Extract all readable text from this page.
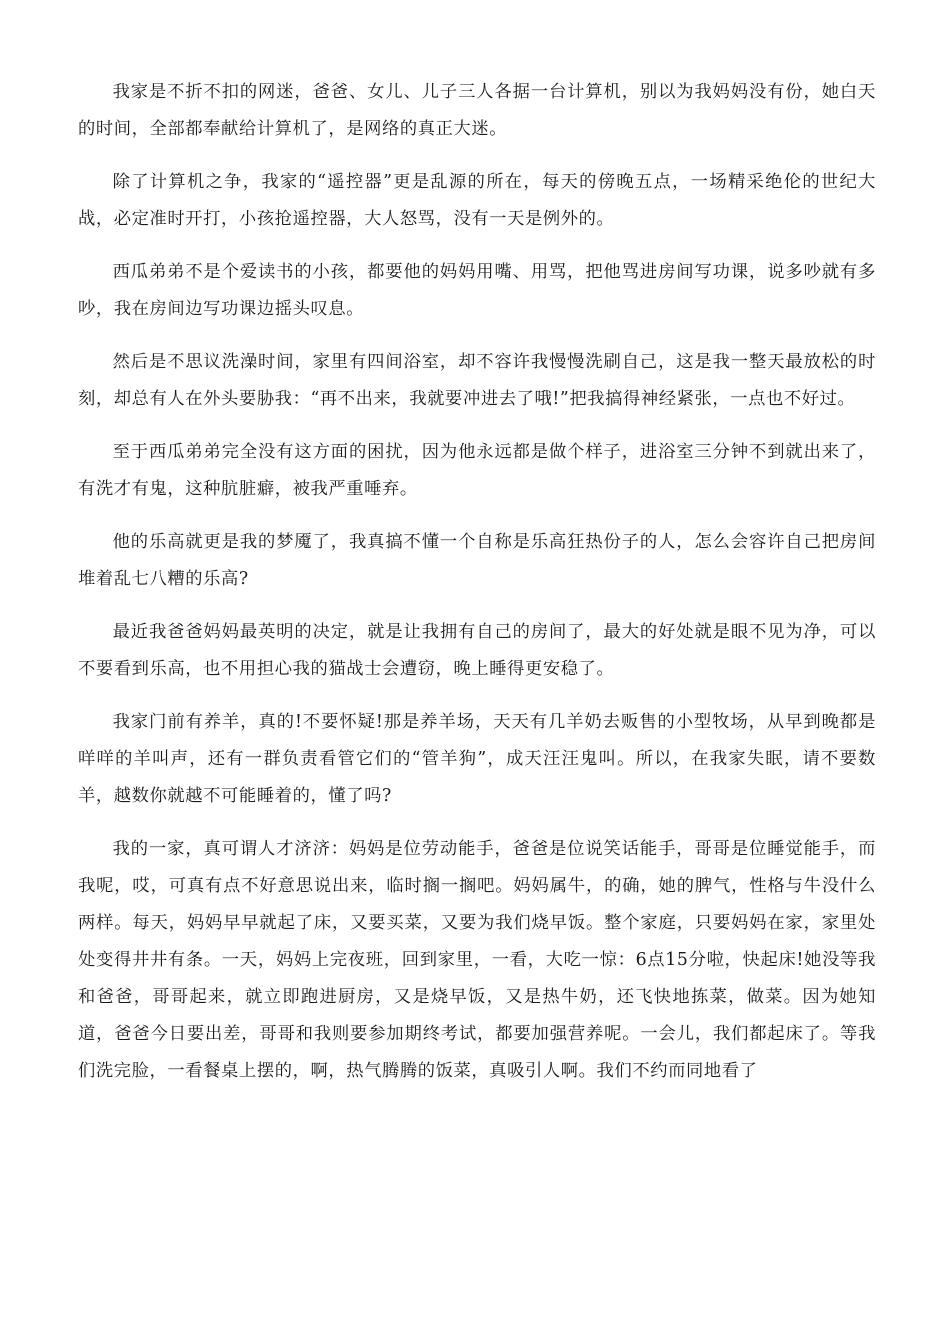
我家是不折不扣的网迷，爸爸、女儿、儿子三人各据一台计算机，别以为我妈妈没有份，她白天的时间，全部都奉献给计算机了，是网络的真正大迷。

除了计算机之争，我家的“遥控器”更是乱源的所在，每天的傍晚五点，一场精采绝伦的世纪大战，必定准时开打，小孩抢遥控器，大人怒骂，没有一天是例外的。

西瓜弟弟不是个爱读书的小孩，都要他的妈妈用嘴、用骂，把他骂进房间写功课，说多吵就有多吵，我在房间边写功课边摇头叹息。

然后是不思议洗澡时间，家里有四间浴室，却不容许我慢慢洗刷自己，这是我一整天最放松的时刻，却总有人在外头要胁我：“再不出来，我就要冲进去了哦!”把我搞得神经紧张，一点也不好过。

至于西瓜弟弟完全没有这方面的困扰，因为他永远都是做个样子，进浴室三分钟不到就出来了，有洗才有鬼，这种肮脏癖，被我严重唾弃。

他的乐高就更是我的梦魇了，我真搞不懂一个自称是乐高狂热份子的人，怎么会容许自己把房间堆着乱七八糟的乐高?

最近我爸爸妈妈最英明的决定，就是让我拥有自己的房间了，最大的好处就是眼不见为净，可以不要看到乐高，也不用担心我的猫战士会遭窃，晚上睡得更安稳了。

我家门前有养羊，真的!不要怀疑!那是养羊场，天天有几羊奶去贩售的小型牧场，从早到晚都是咩咩的羊叫声，还有一群负责看管它们的“管羊狗”，成天汪汪鬼叫。所以，在我家失眠，请不要数羊，越数你就越不可能睡着的，懂了吗?

我的一家，真可谓人才济济：妈妈是位劳动能手，爸爸是位说笑话能手，哥哥是位睡觉能手，而我呢，哎，可真有点不好意思说出来，临时搁一搁吧。妈妈属牛，的确，她的脾气，性格与牛没什么两样。每天，妈妈早早就起了床，又要买菜，又要为我们烧早饭。整个家庭，只要妈妈在家，家里处处变得井井有条。一天，妈妈上完夜班，回到家里，一看，大吃一惊：6点15分啦，快起床!她没等我和爸爸，哥哥起来，就立即跑进厨房，又是烧早饭，又是热牛奶，还飞快地拣菜，做菜。因为她知道，爸爸今日要出差，哥哥和我则要参加期终考试，都要加强营养呢。一会儿，我们都起床了。等我们洗完脸，一看餐桌上摆的，啊，热气腾腾的饭菜，真吸引人啊。我们不约而同地看了
